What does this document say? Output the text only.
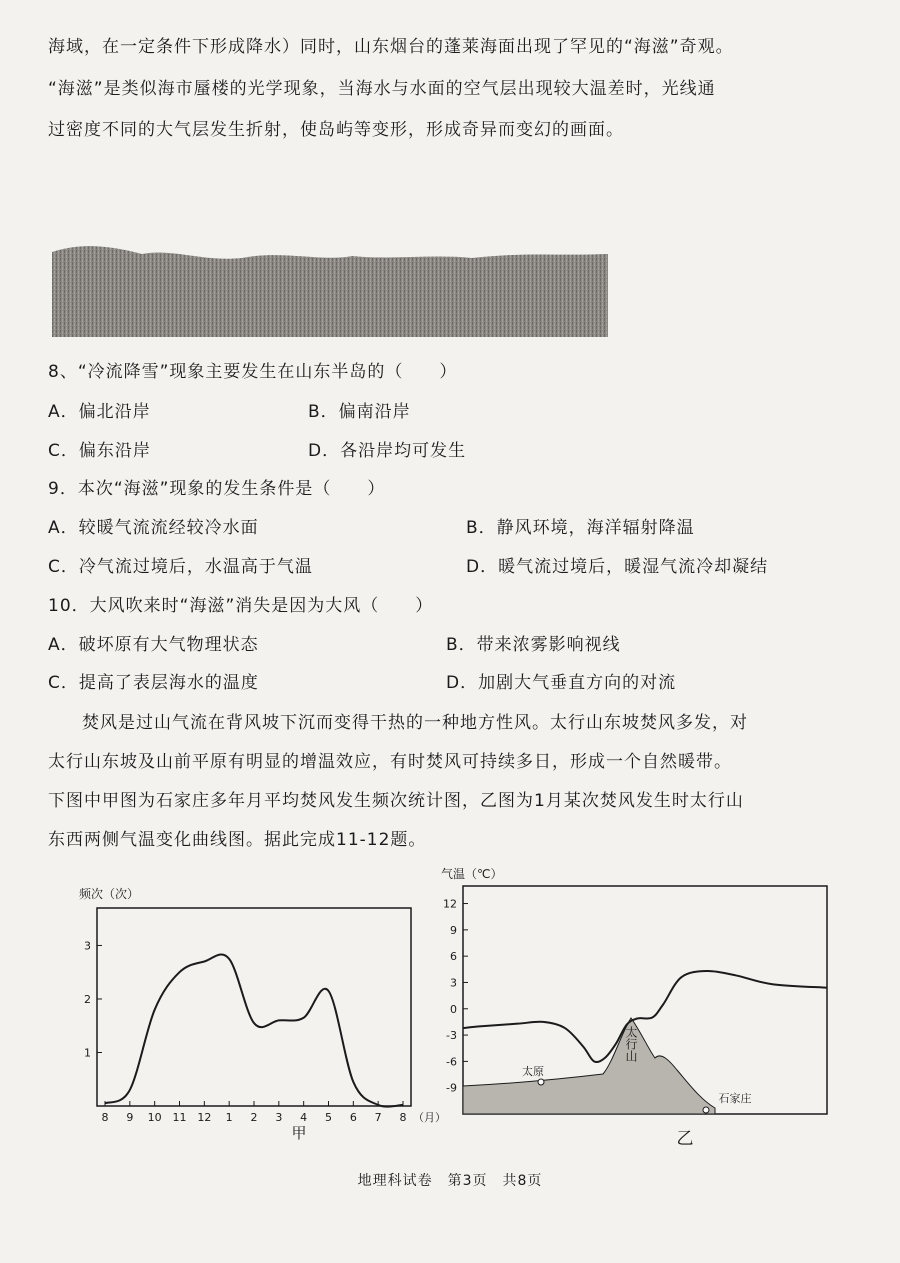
海域，在一定条件下形成降水）同时，山东烟台的蓬莱海面出现了罕见的“海滋”奇观。
“海滋”是类似海市蜃楼的光学现象，当海水与水面的空气层出现较大温差时，光线通
过密度不同的大气层发生折射，使岛屿等变形，形成奇异而变幻的画面。
8、“冷流降雪”现象主要发生在山东半岛的（　　）
A．偏北沿岸	B．偏南沿岸
C．偏东沿岸	D．各沿岸均可发生
9．本次“海滋”现象的发生条件是（　　）
A．较暖气流流经较冷水面	B．静风环境，海洋辐射降温
C．冷气流过境后，水温高于气温	D．暖气流过境后，暖湿气流冷却凝结
10．大风吹来时“海滋”消失是因为大风（　　）
A．破坏原有大气物理状态	B．带来浓雾影响视线
C．提高了表层海水的温度	D．加剧大气垂直方向的对流
焚风是过山气流在背风坡下沉而变得干热的一种地方性风。太行山东坡焚风多发，对
太行山东坡及山前平原有明显的增温效应，有时焚风可持续多日，形成一个自然暖带。
下图中甲图为石家庄多年月平均焚风发生频次统计图，乙图为1月某次焚风发生时太行山
东西两侧气温变化曲线图。据此完成11-12题。
频次（次）
1
2
3
8 9 10 11 12 1 2 3 4 5 6 7 8 （月）
甲
气温（℃）
12
9
6
3
0
-3
-6
-9
太原
太行山
石家庄
乙
地理科试卷　第3页　共8页
